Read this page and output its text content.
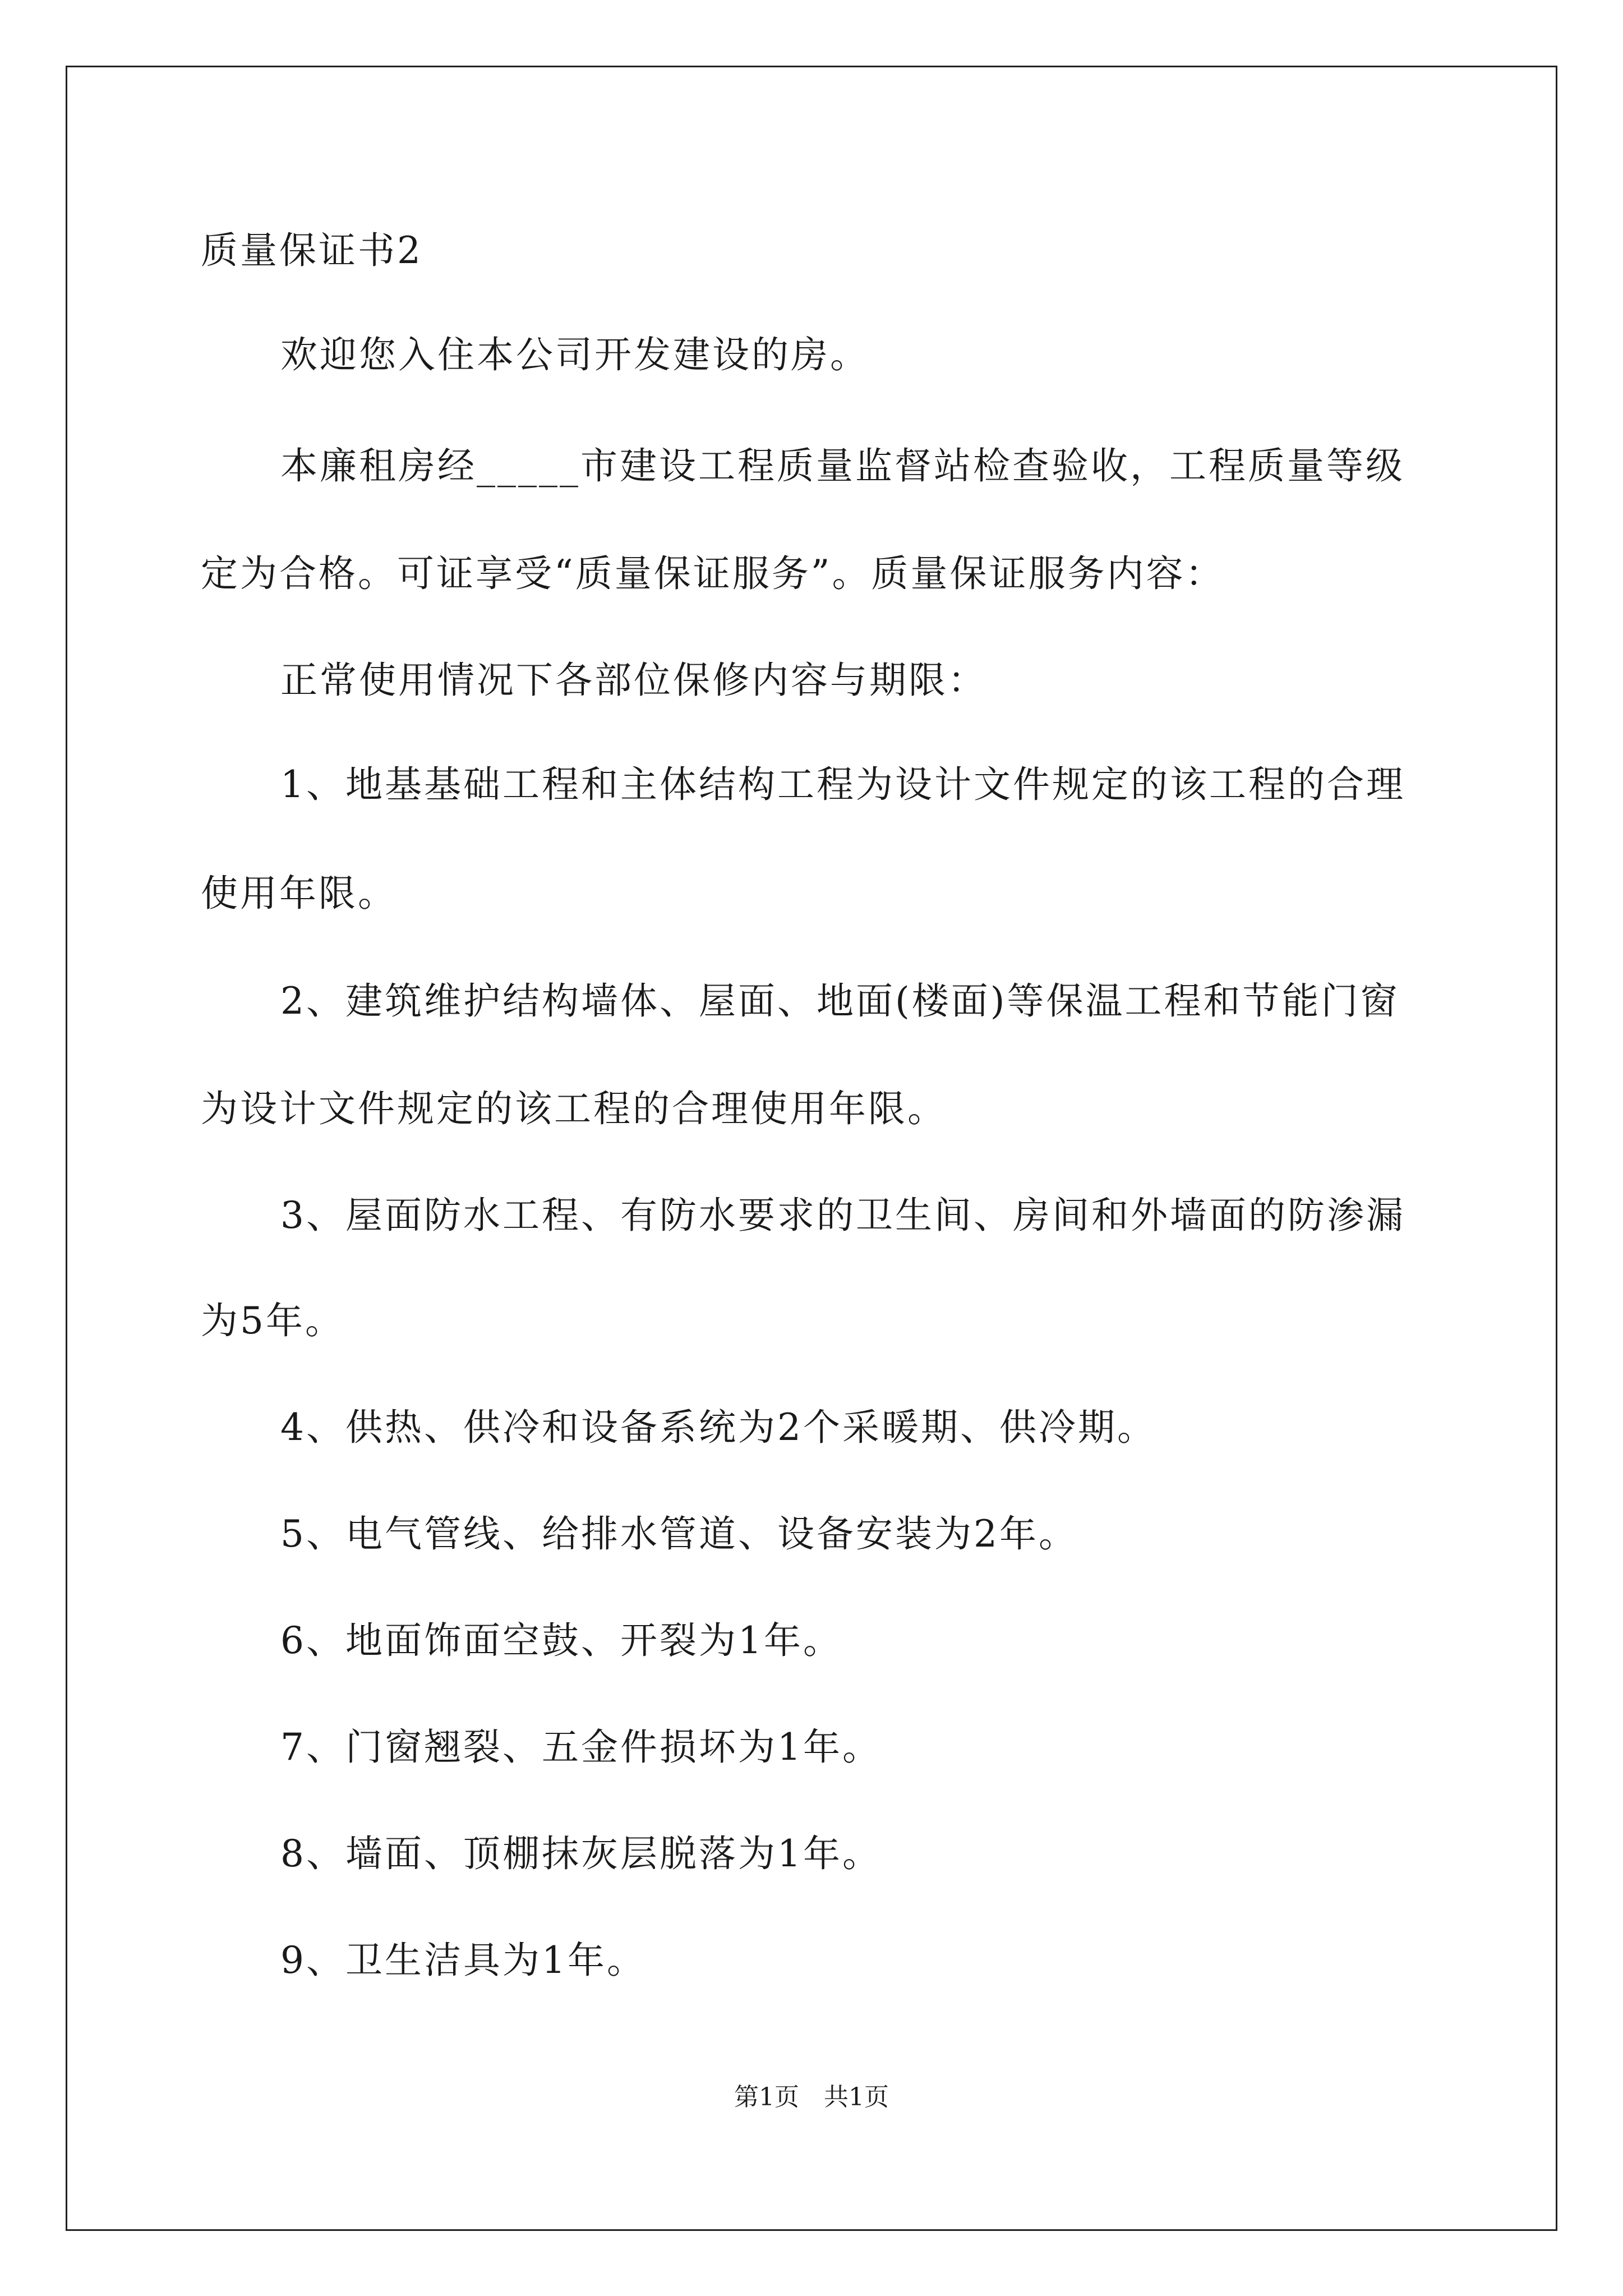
质量保证书2
欢迎您入住本公司开发建设的房。
本廉租房经_____市建设工程质量监督站检查验收，工程质量等级
定为合格。可证享受“质量保证服务”。质量保证服务内容：
正常使用情况下各部位保修内容与期限：
1、地基基础工程和主体结构工程为设计文件规定的该工程的合理
使用年限。
2、建筑维护结构墙体、屋面、地面(楼面)等保温工程和节能门窗
为设计文件规定的该工程的合理使用年限。
3、屋面防水工程、有防水要求的卫生间、房间和外墙面的防渗漏
为5年。
4、供热、供冷和设备系统为2个采暖期、供冷期。
5、电气管线、给排水管道、设备安装为2年。
6、地面饰面空鼓、开裂为1年。
7、门窗翘裂、五金件损坏为1年。
8、墙面、顶棚抹灰层脱落为1年。
9、卫生洁具为1年。
第1页　共1页
